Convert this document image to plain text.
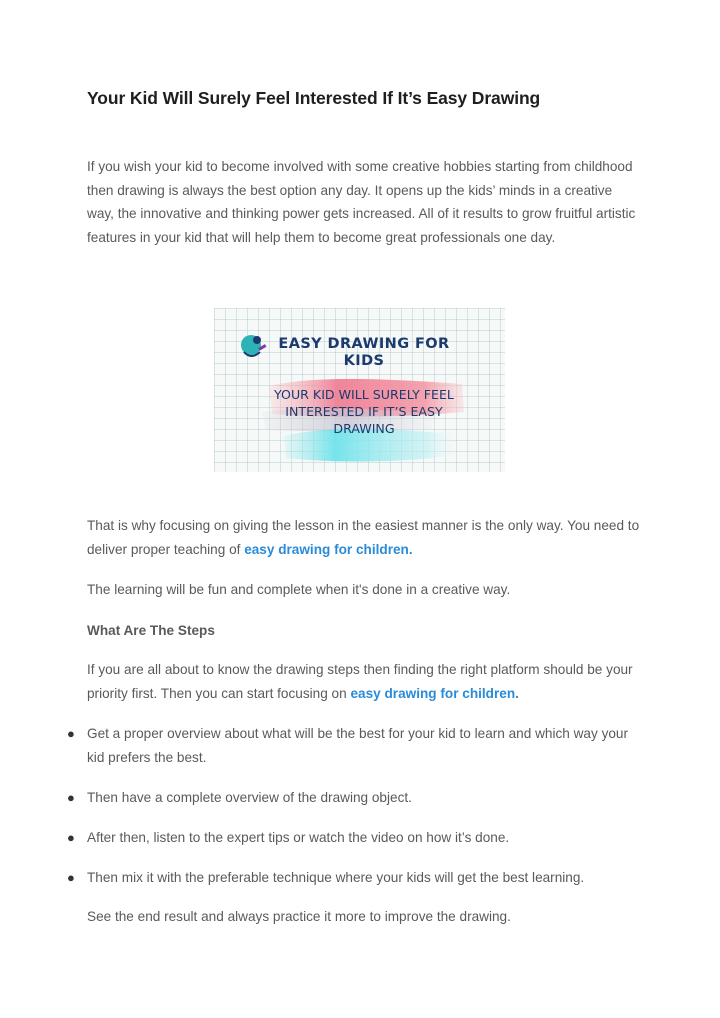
Your Kid Will Surely Feel Interested If It’s Easy Drawing

If you wish your kid to become involved with some creative hobbies starting from childhood then drawing is always the best option any day. It opens up the kids’ minds in a creative way, the innovative and thinking power gets increased. All of it results to grow fruitful artistic features in your kid that will help them to become great professionals one day.

That is why focusing on giving the lesson in the easiest manner is the only way. You need to deliver proper teaching of easy drawing for children.

The learning will be fun and complete when it's done in a creative way.

What Are The Steps

If you are all about to know the drawing steps then finding the right platform should be your priority first. Then you can start focusing on easy drawing for children.

● Get a proper overview about what will be the best for your kid to learn and which way your kid prefers the best.
● Then have a complete overview of the drawing object.
● After then, listen to the expert tips or watch the video on how it’s done.
● Then mix it with the preferable technique where your kids will get the best learning.

See the end result and always practice it more to improve the drawing.

EASY DRAWING FOR
KIDS
YOUR KID WILL SURELY FEEL
INTERESTED IF IT’S EASY
DRAWING
